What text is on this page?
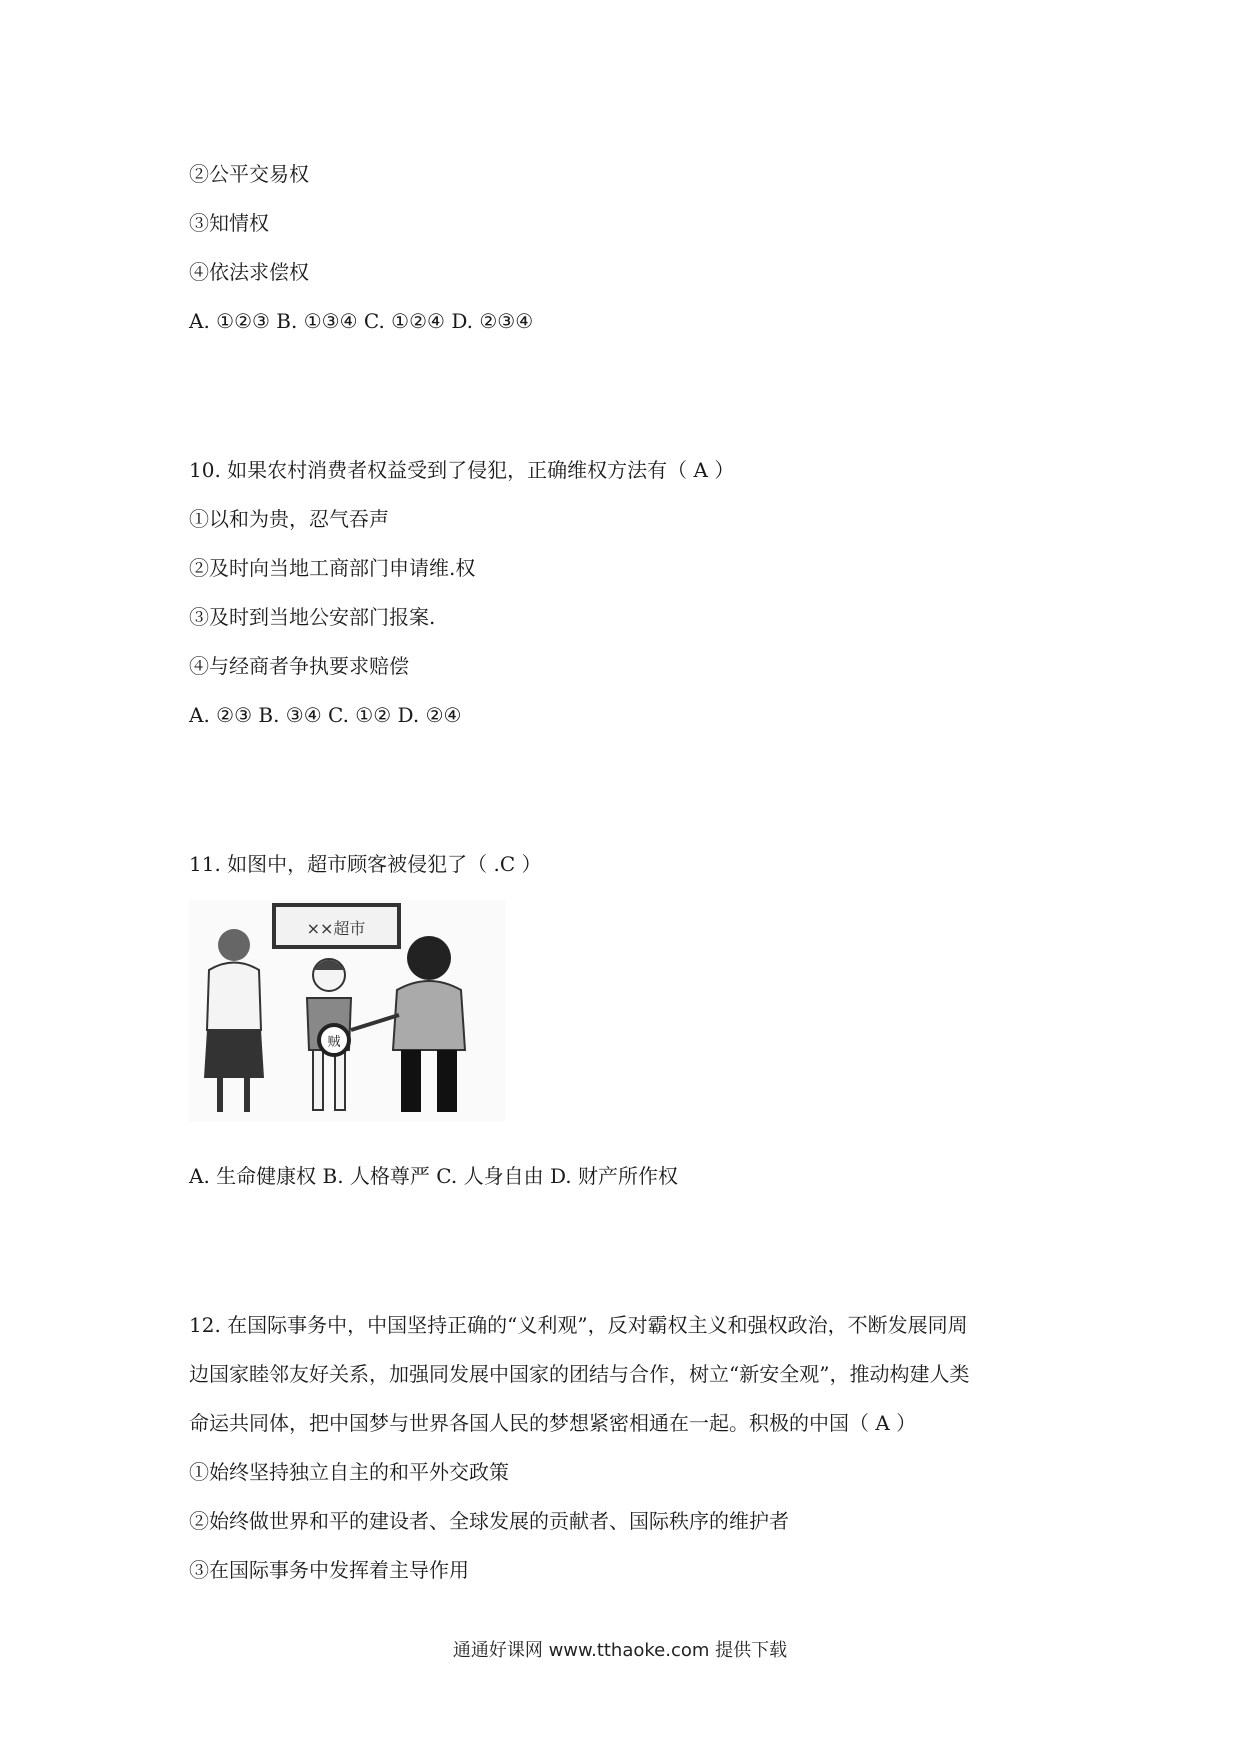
②公平交易权
③知情权
④依法求偿权
A. ①②③ B. ①③④ C. ①②④ D. ②③④
10. 如果农村消费者权益受到了侵犯，正确维权方法有（ A ）
①以和为贵，忍气吞声
②及时向当地工商部门申请维.权
③及时到当地公安部门报案.
④与经商者争执要求赔偿
A. ②③ B. ③④ C. ①② D. ②④
11. 如图中，超市顾客被侵犯了（ .C ）
××超市
贼
A. 生命健康权 B. 人格尊严 C. 人身自由 D. 财产所作权
12. 在国际事务中，中国坚持正确的“义利观”，反对霸权主义和强权政治，不断发展同周
边国家睦邻友好关系，加强同发展中国家的团结与合作，树立“新安全观”，推动构建人类
命运共同体，把中国梦与世界各国人民的梦想紧密相通在一起。积极的中国（ A ）
①始终坚持独立自主的和平外交政策
②始终做世界和平的建设者、全球发展的贡献者、国际秩序的维护者
③在国际事务中发挥着主导作用
通通好课网 www.tthaoke.com 提供下载
